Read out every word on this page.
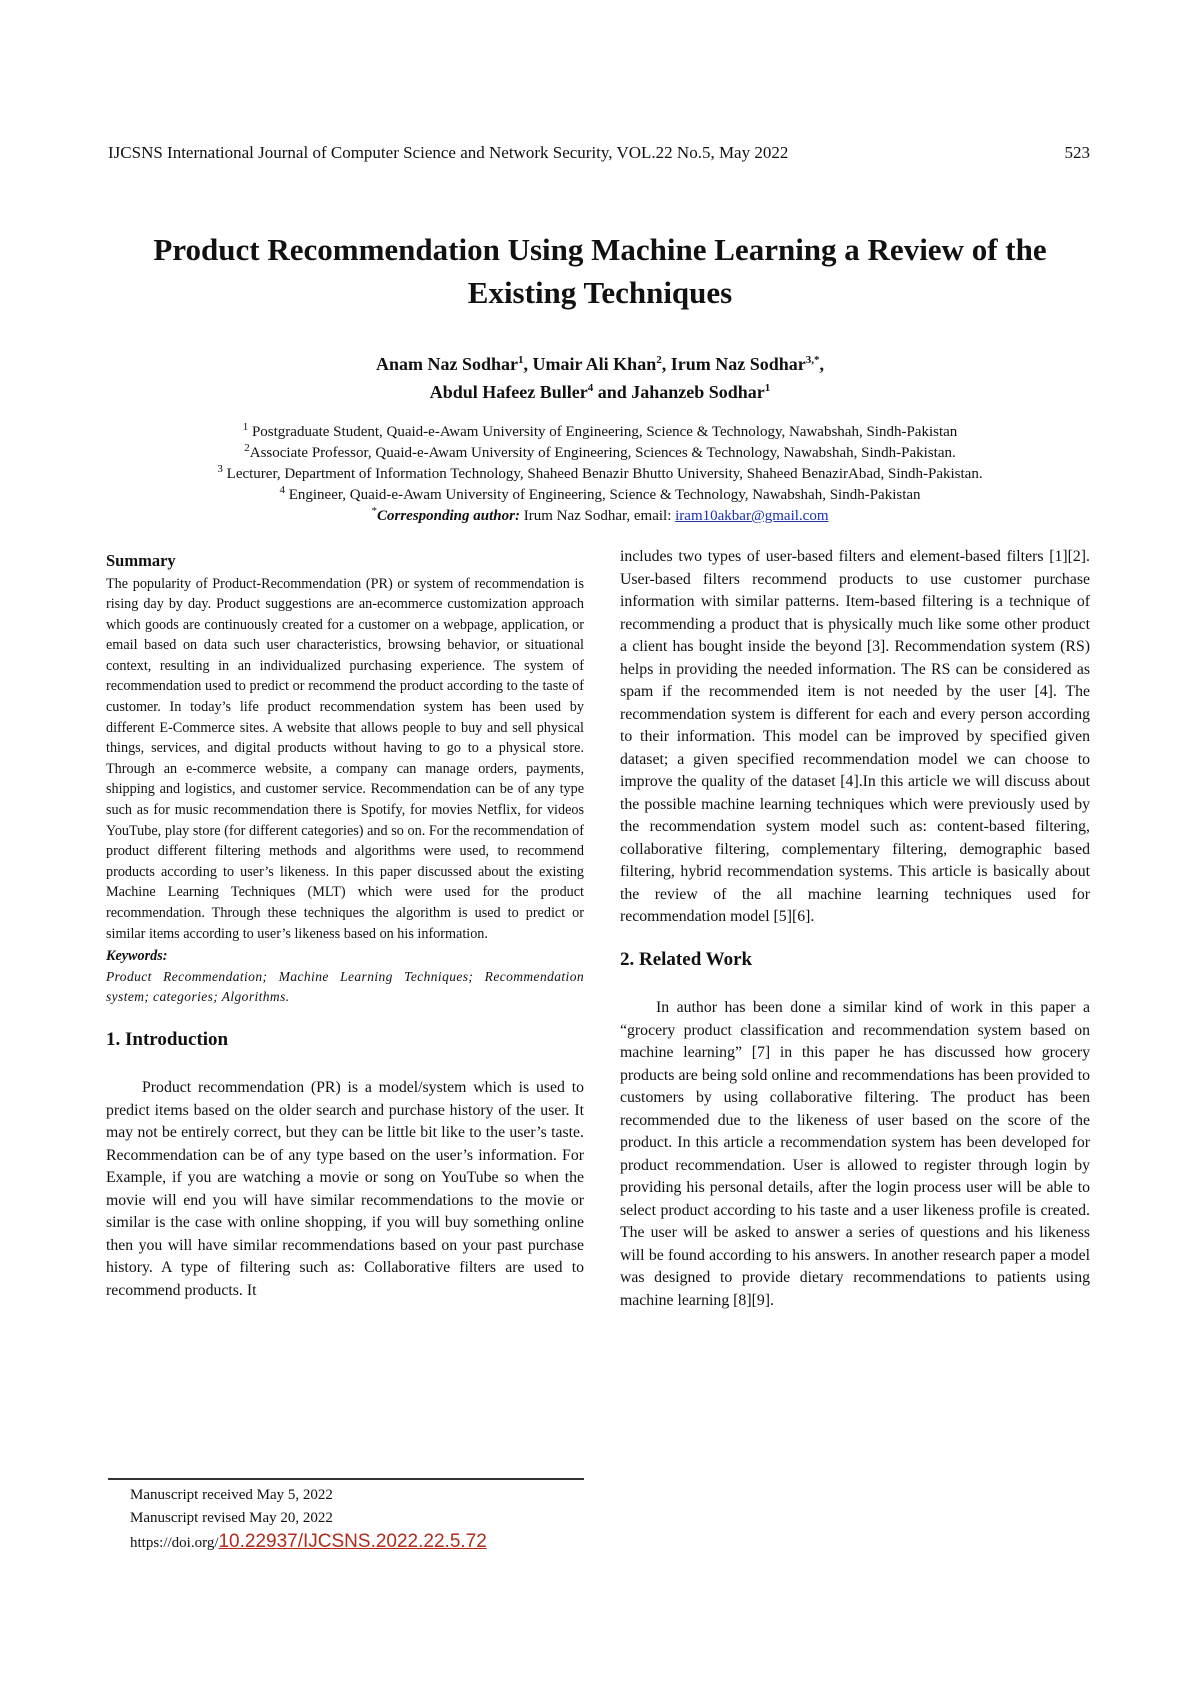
IJCSNS International Journal of Computer Science and Network Security, VOL.22 No.5, May 2022	523
Product Recommendation Using Machine Learning a Review of the Existing Techniques
Anam Naz Sodhar$^1$, Umair Ali Khan$^2$, Irum Naz Sodhar$^{3,*}$,
Abdul Hafeez Buller$^4$ and Jahanzeb Sodhar$^1$
$^1$ Postgraduate Student, Quaid-e-Awam University of Engineering, Science & Technology, Nawabshah, Sindh-Pakistan
$^2$Associate Professor, Quaid-e-Awam University of Engineering, Sciences & Technology, Nawabshah, Sindh-Pakistan.
$^3$ Lecturer, Department of Information Technology, Shaheed Benazir Bhutto University, Shaheed BenazirAbad, Sindh-Pakistan.
$^4$ Engineer, Quaid-e-Awam University of Engineering, Science & Technology, Nawabshah, Sindh-Pakistan
*Corresponding author: Irum Naz Sodhar, email: iram10akbar@gmail.com
Summary

The popularity of Product-Recommendation (PR) or system of recommendation is rising day by day. Product suggestions are an-ecommerce customization approach which goods are continuously created for a customer on a webpage, application, or email based on data such user characteristics, browsing behavior, or situational context, resulting in an individualized purchasing experience. The system of recommendation used to predict or recommend the product according to the taste of customer. In today’s life product recommendation system has been used by different E-Commerce sites. A website that allows people to buy and sell physical things, services, and digital products without having to go to a physical store. Through an e-commerce website, a company can manage orders, payments, shipping and logistics, and customer service. Recommendation can be of any type such as for music recommendation there is Spotify, for movies Netflix, for videos YouTube, play store (for different categories) and so on. For the recommendation of product different filtering methods and algorithms were used, to recommend products according to user’s likeness. In this paper discussed about the existing Machine Learning Techniques (MLT) which were used for the product recommendation. Through these techniques the algorithm is used to predict or similar items according to user’s likeness based on his information.

Keywords:

Product Recommendation; Machine Learning Techniques; Recommendation system; categories; Algorithms.

1. Introduction

Product recommendation (PR) is a model/system which is used to predict items based on the older search and purchase history of the user. It may not be entirely correct, but they can be little bit like to the user’s taste. Recommendation can be of any type based on the user’s information. For Example, if you are watching a movie or song on YouTube so when the movie will end you will have similar recommendations to the movie or similar is the case with online shopping, if you will buy something online then you will have similar recommendations based on your past purchase history. A type of filtering such as: Collaborative filters are used to recommend products. It

includes two types of user-based filters and element-based filters [1][2]. User-based filters recommend products to use customer purchase information with similar patterns. Item-based filtering is a technique of recommending a product that is physically much like some other product a client has bought inside the beyond [3]. Recommendation system (RS) helps in providing the needed information. The RS can be considered as spam if the recommended item is not needed by the user [4]. The recommendation system is different for each and every person according to their information. This model can be improved by specified given dataset; a given specified recommendation model we can choose to improve the quality of the dataset [4].In this article we will discuss about the possible machine learning techniques which were previously used by the recommendation system model such as: content-based filtering, collaborative filtering, complementary filtering, demographic based filtering, hybrid recommendation systems. This article is basically about the review of the all machine learning techniques used for recommendation model [5][6].

2. Related Work

In author has been done a similar kind of work in this paper a “grocery product classification and recommendation system based on machine learning” [7] in this paper he has discussed how grocery products are being sold online and recommendations has been provided to customers by using collaborative filtering. The product has been recommended due to the likeness of user based on the score of the product. In this article a recommendation system has been developed for product recommendation. User is allowed to register through login by providing his personal details, after the login process user will be able to select product according to his taste and a user likeness profile is created. The user will be asked to answer a series of questions and his likeness will be found according to his answers. In another research paper a model was designed to provide dietary recommendations to patients using machine learning [8][9].

Manuscript received May 5, 2022
Manuscript revised May 20, 2022
https://doi.org/10.22937/IJCSNS.2022.22.5.72
